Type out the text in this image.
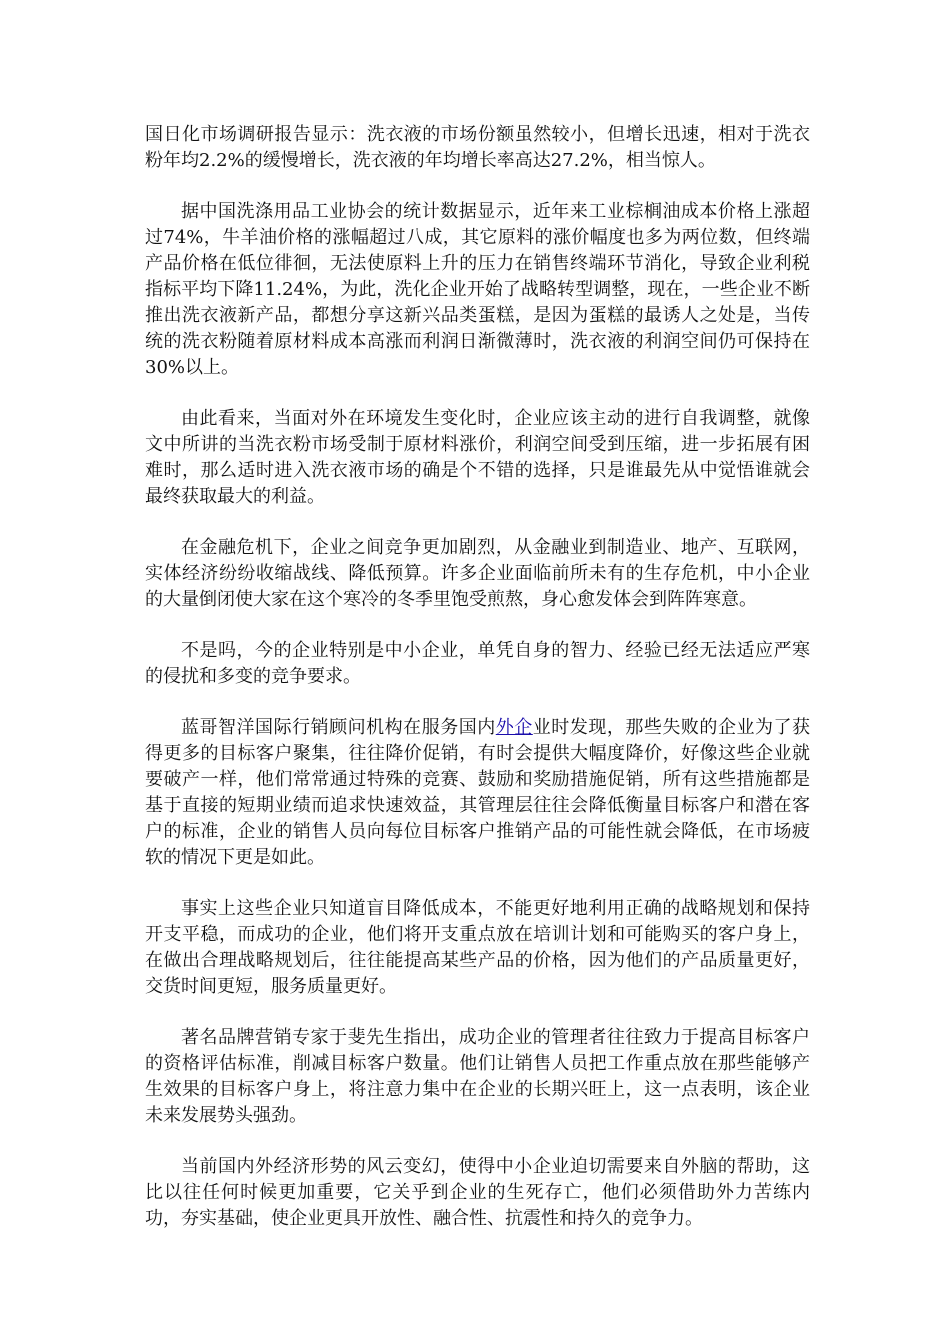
国日化市场调研报告显示：洗衣液的市场份额虽然较小，但增长迅速，相对于洗衣粉年均2.2%的缓慢增长，洗衣液的年均增长率高达27.2%，相当惊人。

据中国洗涤用品工业协会的统计数据显示，近年来工业棕榈油成本价格上涨超过74%，牛羊油价格的涨幅超过八成，其它原料的涨价幅度也多为两位数，但终端产品价格在低位徘徊，无法使原料上升的压力在销售终端环节消化，导致企业利税指标平均下降11.24%，为此，洗化企业开始了战略转型调整，现在，一些企业不断推出洗衣液新产品，都想分享这新兴品类蛋糕，是因为蛋糕的最诱人之处是，当传统的洗衣粉随着原材料成本高涨而利润日渐微薄时，洗衣液的利润空间仍可保持在30%以上。

由此看来，当面对外在环境发生变化时，企业应该主动的进行自我调整，就像文中所讲的当洗衣粉市场受制于原材料涨价，利润空间受到压缩，进一步拓展有困难时，那么适时进入洗衣液市场的确是个不错的选择，只是谁最先从中觉悟谁就会最终获取最大的利益。

在金融危机下，企业之间竞争更加剧烈，从金融业到制造业、地产、互联网，实体经济纷纷收缩战线、降低预算。许多企业面临前所未有的生存危机，中小企业的大量倒闭使大家在这个寒冷的冬季里饱受煎熬，身心愈发体会到阵阵寒意。

不是吗，今的企业特别是中小企业，单凭自身的智力、经验已经无法适应严寒的侵扰和多变的竞争要求。

蓝哥智洋国际行销顾问机构在服务国内外企业时发现，那些失败的企业为了获得更多的目标客户聚集，往往降价促销，有时会提供大幅度降价，好像这些企业就要破产一样，他们常常通过特殊的竞赛、鼓励和奖励措施促销，所有这些措施都是基于直接的短期业绩而追求快速效益，其管理层往往会降低衡量目标客户和潜在客户的标准，企业的销售人员向每位目标客户推销产品的可能性就会降低，在市场疲软的情况下更是如此。

事实上这些企业只知道盲目降低成本，不能更好地利用正确的战略规划和保持开支平稳，而成功的企业，他们将开支重点放在培训计划和可能购买的客户身上，在做出合理战略规划后，往往能提高某些产品的价格，因为他们的产品质量更好，交货时间更短，服务质量更好。

著名品牌营销专家于斐先生指出，成功企业的管理者往往致力于提高目标客户的资格评估标准，削减目标客户数量。他们让销售人员把工作重点放在那些能够产生效果的目标客户身上，将注意力集中在企业的长期兴旺上，这一点表明，该企业未来发展势头强劲。

当前国内外经济形势的风云变幻，使得中小企业迫切需要来自外脑的帮助，这比以往任何时候更加重要，它关乎到企业的生死存亡，他们必须借助外力苦练内功，夯实基础，使企业更具开放性、融合性、抗震性和持久的竞争力。
